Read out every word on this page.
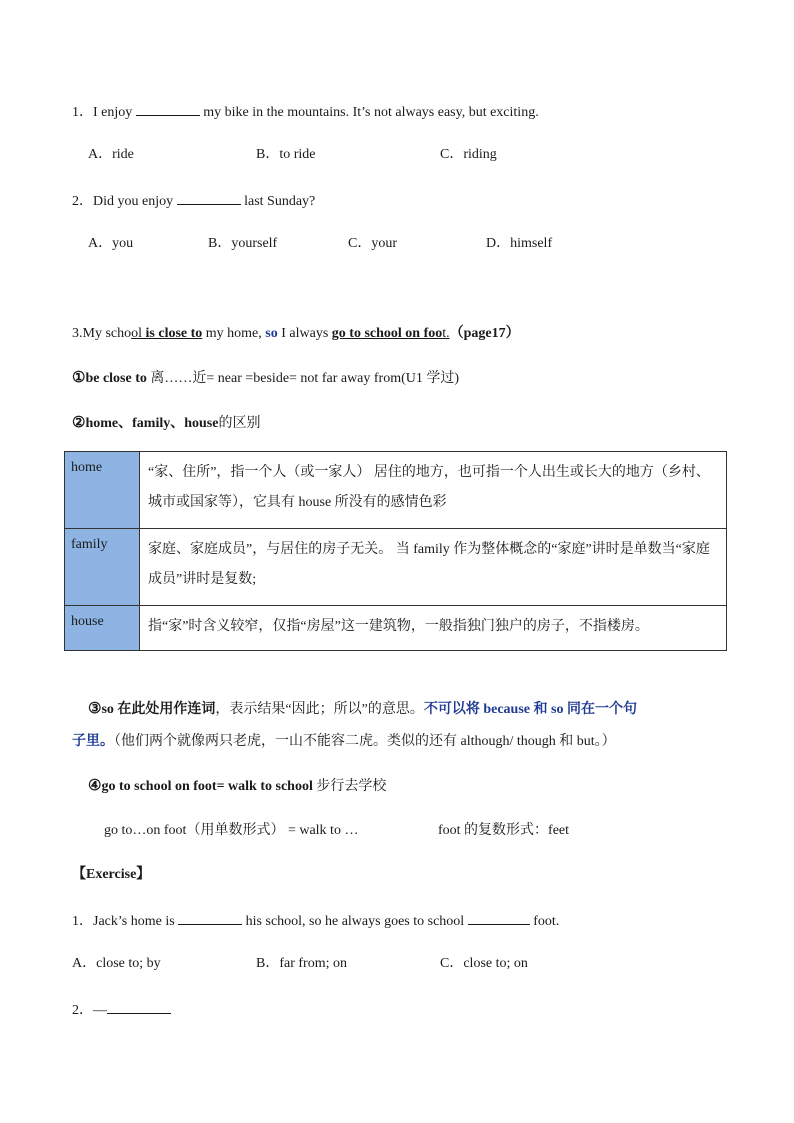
1．I enjoy	my bike in the mountains. It’s not always easy, but exciting.
A．ride	B．to ride	C．riding
2．Did you enjoy	last Sunday?
A．you	B．yourself	C．your	D．himself
3.My school is close to my home, so I always go to school on foot.（page17）
①be close to 离……近= near =beside= not far away from(U1 学过)
②home、family、house的区别
home	“家、住所”，指一个人（或一家人） 居住的地方，也可指一个人出生或长大的地方（乡村、城市或国家等），它具有 house 所没有的感情色彩
family	家庭、家庭成员”，与居住的房子无关。 当 family 作为整体概念的“家庭”讲时是单数当“家庭成员”讲时是复数;
house	指“家”时含义较窄，仅指“房屋”这一建筑物，一般指独门独户的房子，不指楼房。
③so 在此处用作连词，表示结果“因此；所以”的意思。不可以将 because 和 so 同在一个句
子里。（他们两个就像两只老虎，一山不能容二虎。类似的还有 although/ though 和 but。）
④go to school on foot= walk to school 步行去学校
go to…on foot（用单数形式） = walk to …	foot 的复数形式：feet
【Exercise】
1．Jack’s home is	his school, so he always goes to school	foot.
A．close to; by	B．far from; on	C．close to; on
2．—
